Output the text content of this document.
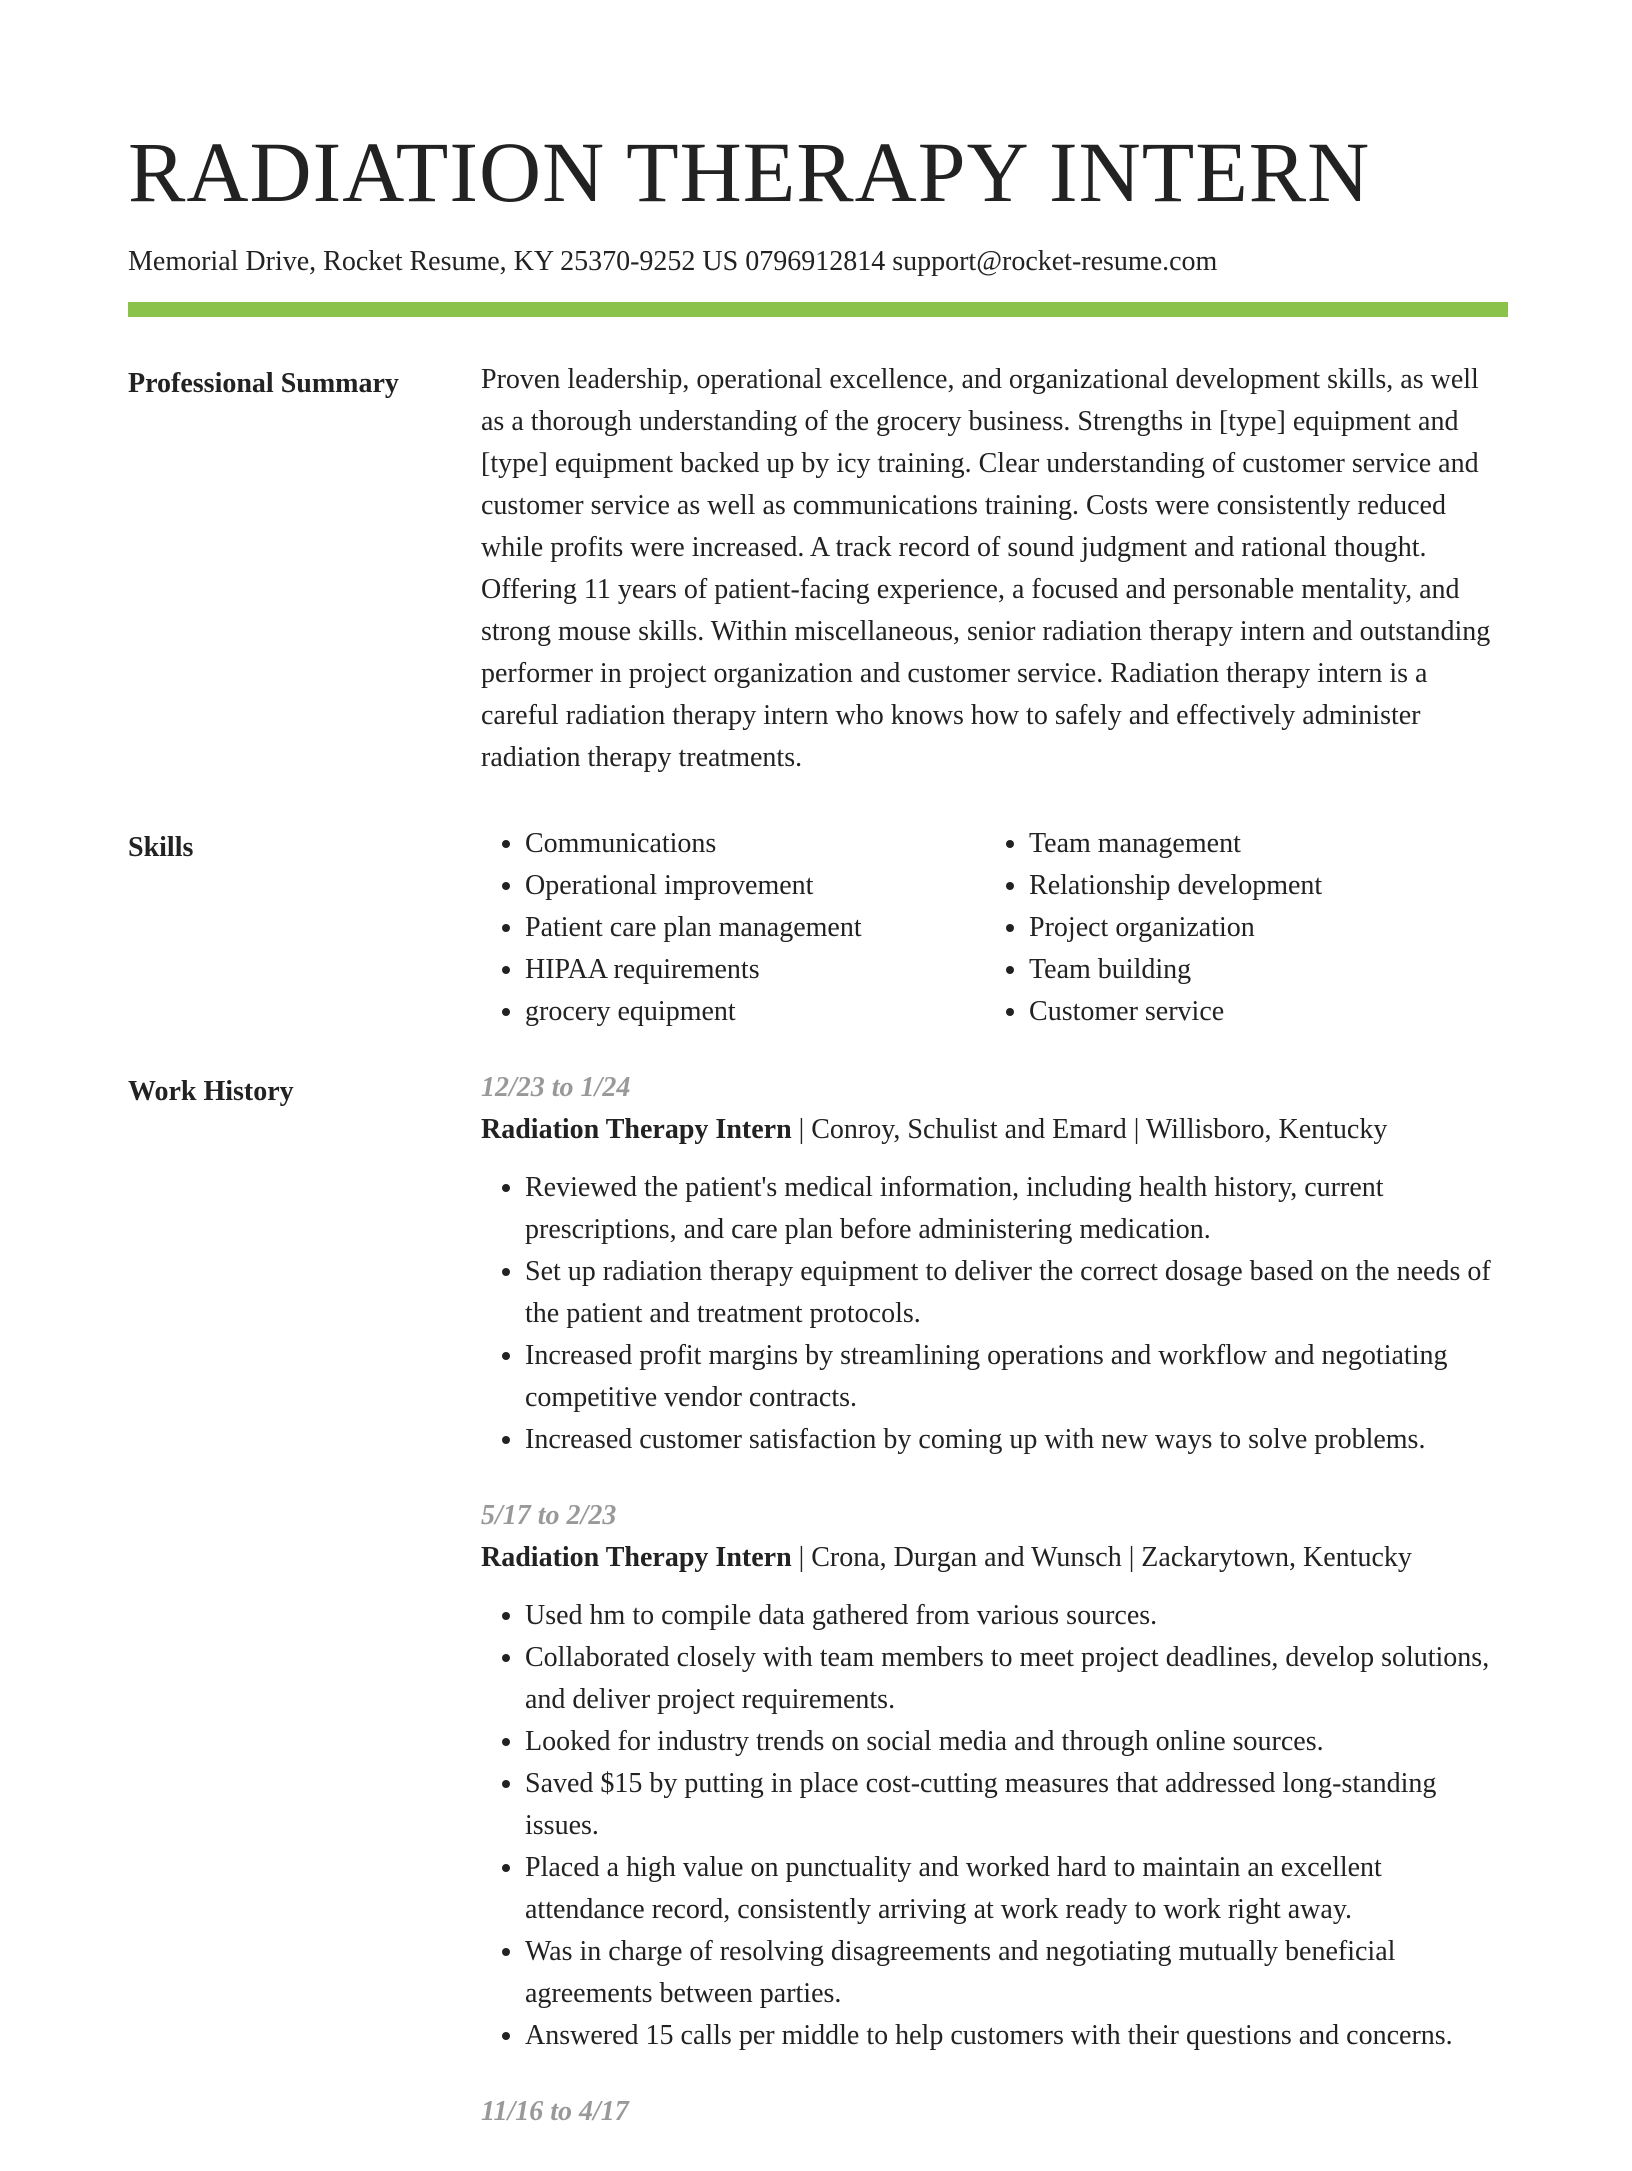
RADIATION THERAPY INTERN
Memorial Drive, Rocket Resume, KY 25370-9252 US 0796912814 support@rocket-resume.com
Professional Summary	Proven leadership, operational excellence, and organizational development skills, as well as a thorough understanding of the grocery business. Strengths in [type] equipment and [type] equipment backed up by icy training. Clear understanding of customer service and customer service as well as communications training. Costs were consistently reduced while profits were increased. A track record of sound judgment and rational thought. Offering 11 years of patient-facing experience, a focused and personable mentality, and strong mouse skills. Within miscellaneous, senior radiation therapy intern and outstanding performer in project organization and customer service. Radiation therapy intern is a careful radiation therapy intern who knows how to safely and effectively administer radiation therapy treatments.

Skills
•	Communications
• Operational improvement
• Patient care plan management
• HIPAA requirements
• grocery equipment
• Team management
• Relationship development
• Project organization
• Team building
• Customer service
Work History	12/23 to 1/24
Radiation Therapy Intern | Conroy, Schulist and Emard | Willisboro, Kentucky
• Reviewed the patient's medical information, including health history, current prescriptions, and care plan before administering medication.
• Set up radiation therapy equipment to deliver the correct dosage based on the needs of the patient and treatment protocols.
• Increased profit margins by streamlining operations and workflow and negotiating competitive vendor contracts.
• Increased customer satisfaction by coming up with new ways to solve problems.
5/17 to 2/23
Radiation Therapy Intern | Crona, Durgan and Wunsch | Zackarytown, Kentucky
• Used hm to compile data gathered from various sources.
• Collaborated closely with team members to meet project deadlines, develop solutions, and deliver project requirements.
• Looked for industry trends on social media and through online sources.
• Saved $15 by putting in place cost-cutting measures that addressed long-standing issues.
• Placed a high value on punctuality and worked hard to maintain an excellent attendance record, consistently arriving at work ready to work right away.
• Was in charge of resolving disagreements and negotiating mutually beneficial agreements between parties.
• Answered 15 calls per middle to help customers with their questions and concerns.
11/16 to 4/17
